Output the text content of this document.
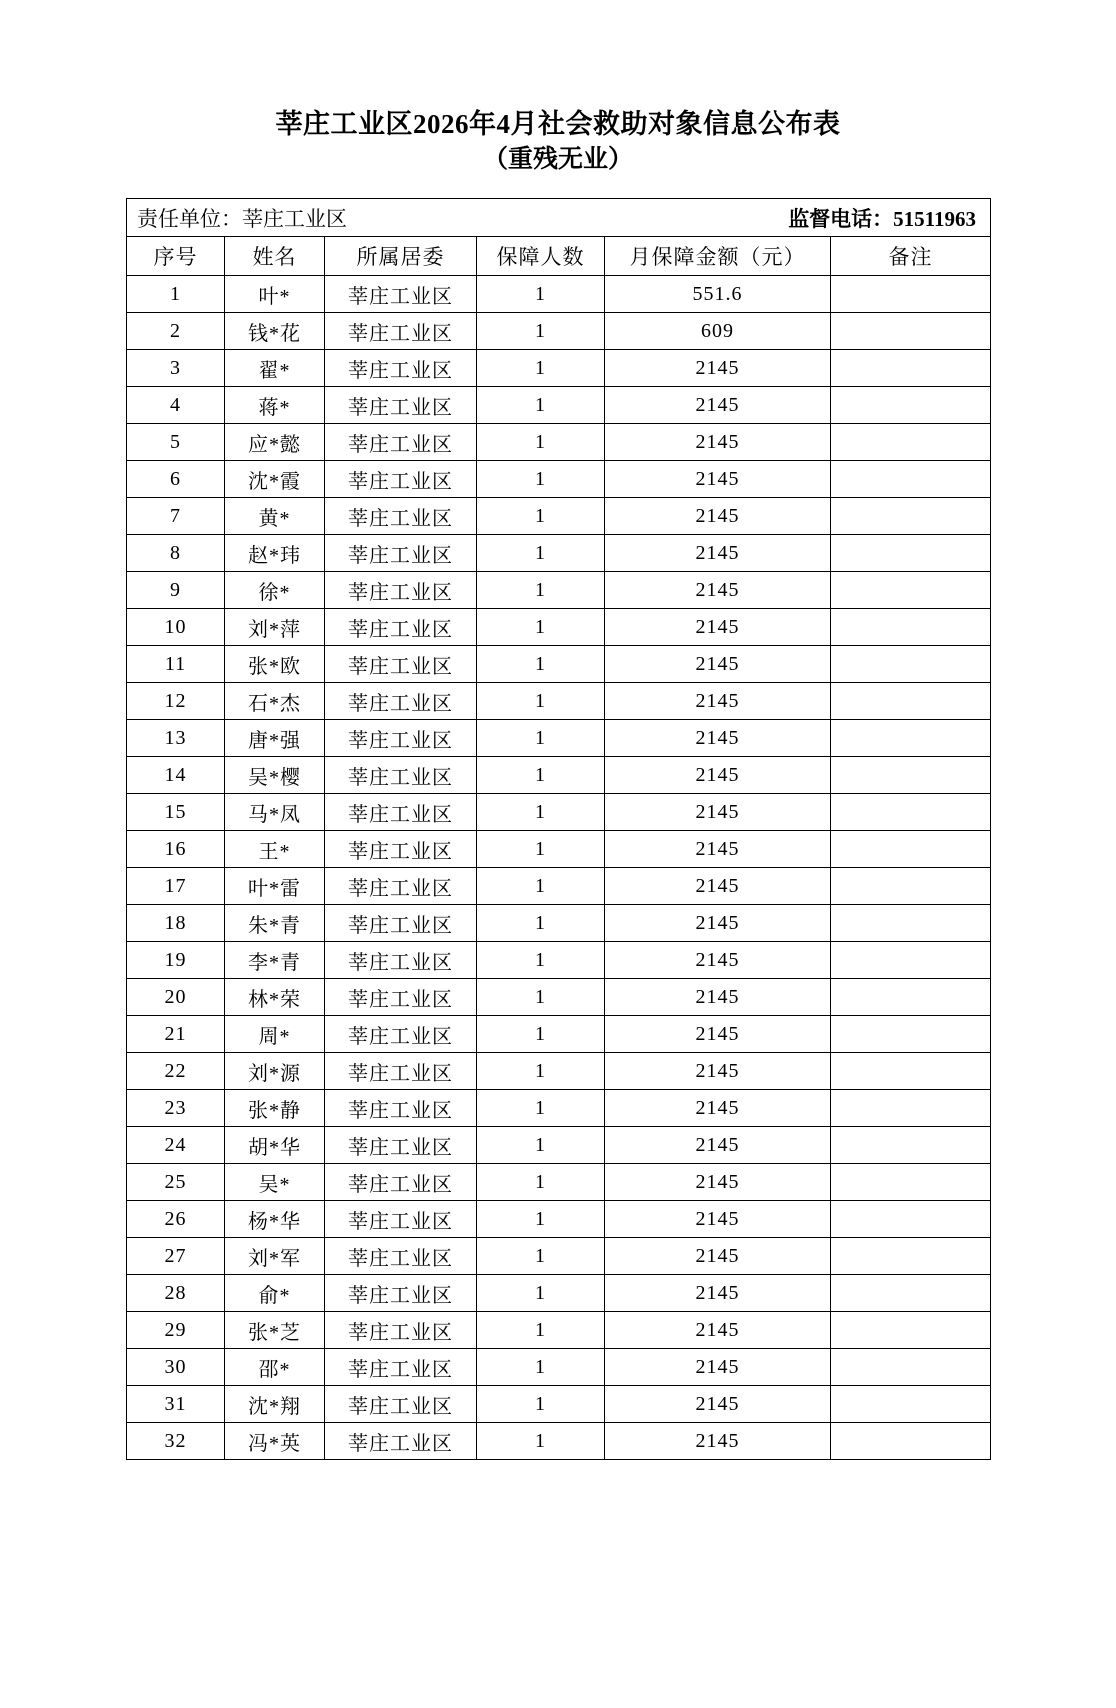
莘庄工业区2026年4月社会救助对象信息公布表
（重残无业）
责任单位：莘庄工业区 监督电话：51511963					

序号	姓名	所属居委	保障人数	月保障金额（元）	备注
1	叶*	莘庄工业区	1	551.6	
2	钱*花	莘庄工业区	1	609	
3	翟*	莘庄工业区	1	2145	
4	蒋*	莘庄工业区	1	2145	
5	应*懿	莘庄工业区	1	2145	
6	沈*霞	莘庄工业区	1	2145	
7	黄*	莘庄工业区	1	2145	
8	赵*玮	莘庄工业区	1	2145	
9	徐*	莘庄工业区	1	2145	
10	刘*萍	莘庄工业区	1	2145	
11	张*欧	莘庄工业区	1	2145	
12	石*杰	莘庄工业区	1	2145	
13	唐*强	莘庄工业区	1	2145	
14	吴*樱	莘庄工业区	1	2145	
15	马*凤	莘庄工业区	1	2145	
16	王*	莘庄工业区	1	2145	
17	叶*雷	莘庄工业区	1	2145	
18	朱*青	莘庄工业区	1	2145	
19	李*青	莘庄工业区	1	2145	
20	林*荣	莘庄工业区	1	2145	
21	周*	莘庄工业区	1	2145	
22	刘*源	莘庄工业区	1	2145	
23	张*静	莘庄工业区	1	2145	
24	胡*华	莘庄工业区	1	2145	
25	吴*	莘庄工业区	1	2145	
26	杨*华	莘庄工业区	1	2145	
27	刘*军	莘庄工业区	1	2145	
28	俞*	莘庄工业区	1	2145	
29	张*芝	莘庄工业区	1	2145	
30	邵*	莘庄工业区	1	2145	
31	沈*翔	莘庄工业区	1	2145	
32	冯*英	莘庄工业区	1	2145	
